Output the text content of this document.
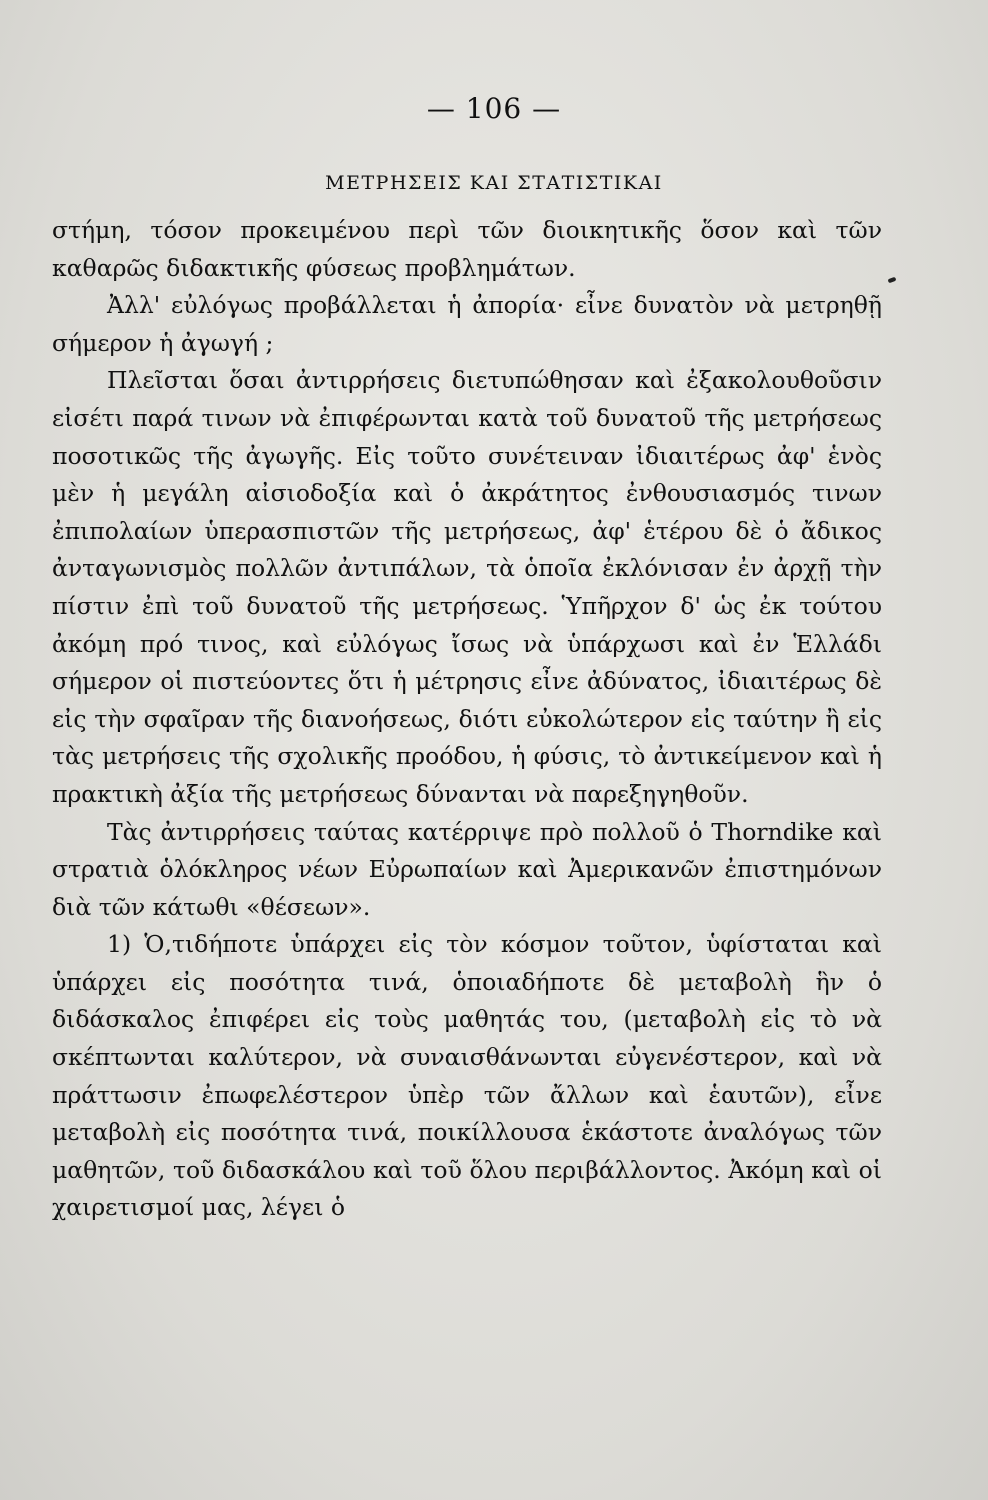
— 106 —
ΜΕΤΡΗΣΕΙΣ ΚΑΙ ΣΤΑΤΙΣΤΙΚΑΙ

στήμη, τόσον προκειμένου περὶ τῶν διοικητικῆς ὅσον καὶ τῶν καθαρῶς διδακτικῆς φύσεως προβλημάτων.

Ἀλλ' εὐλόγως προβάλλεται ἡ ἀπορία· εἶνε δυνατὸν νὰ μετρηθῇ σήμερον ἡ ἀγωγή ;

Πλεῖσται ὅσαι ἀντιρρήσεις διετυπώθησαν καὶ ἐξακολουθοῦσιν εἰσέτι παρά τινων νὰ ἐπιφέρωνται κατὰ τοῦ δυνατοῦ τῆς μετρήσεως ποσοτικῶς τῆς ἀγωγῆς. Εἰς τοῦτο συνέτειναν ἰδιαιτέρως ἀφ' ἑνὸς μὲν ἡ μεγάλη αἰσιοδοξία καὶ ὁ ἀκράτητος ἐνθουσιασμός τινων ἐπιπολαίων ὑπερασπιστῶν τῆς μετρήσεως, ἀφ' ἑτέρου δὲ ὁ ἄδικος ἀνταγωνισμὸς πολλῶν ἀντιπάλων, τὰ ὁποῖα ἐκλόνισαν ἐν ἀρχῇ τὴν πίστιν ἐπὶ τοῦ δυνατοῦ τῆς μετρήσεως. Ὑπῆρχον δ' ὡς ἐκ τούτου ἀκόμη πρό τινος, καὶ εὐλόγως ἴσως νὰ ὑπάρχωσι καὶ ἐν Ἑλλάδι σήμερον οἱ πιστεύοντες ὅτι ἡ μέτρησις εἶνε ἀδύνατος, ἰδιαιτέρως δὲ εἰς τὴν σφαῖραν τῆς διανοήσεως, διότι εὐκολώτερον εἰς ταύτην ἢ εἰς τὰς μετρήσεις τῆς σχολικῆς προόδου, ἡ φύσις, τὸ ἀντικείμενον καὶ ἡ πρακτικὴ ἀξία τῆς μετρήσεως δύνανται νὰ παρεξηγηθοῦν.

Τὰς ἀντιρρήσεις ταύτας κατέρριψε πρὸ πολλοῦ ὁ Thorndike καὶ στρατιὰ ὁλόκληρος νέων Εὐρωπαίων καὶ Ἀμερικανῶν ἐπιστημόνων διὰ τῶν κάτωθι «θέσεων».

1) Ὁ,τιδήποτε ὑπάρχει εἰς τὸν κόσμον τοῦτον, ὑφίσταται καὶ ὑπάρχει εἰς ποσότητα τινά, ὁποιαδήποτε δὲ μεταβολὴ ἣν ὁ διδάσκαλος ἐπιφέρει εἰς τοὺς μαθητάς του, (μεταβολὴ εἰς τὸ νὰ σκέπτωνται καλύτερον, νὰ συναισθάνωνται εὐγενέστερον, καὶ νὰ πράττωσιν ἐπωφελέστερον ὑπὲρ τῶν ἄλλων καὶ ἑαυτῶν), εἶνε μεταβολὴ εἰς ποσότητα τινά, ποικίλλουσα ἑκάστοτε ἀναλόγως τῶν μαθητῶν, τοῦ διδασκάλου καὶ τοῦ ὅλου περιβάλλοντος. Ἀκόμη καὶ οἱ χαιρετισμοί μας, λέγει ὁ
